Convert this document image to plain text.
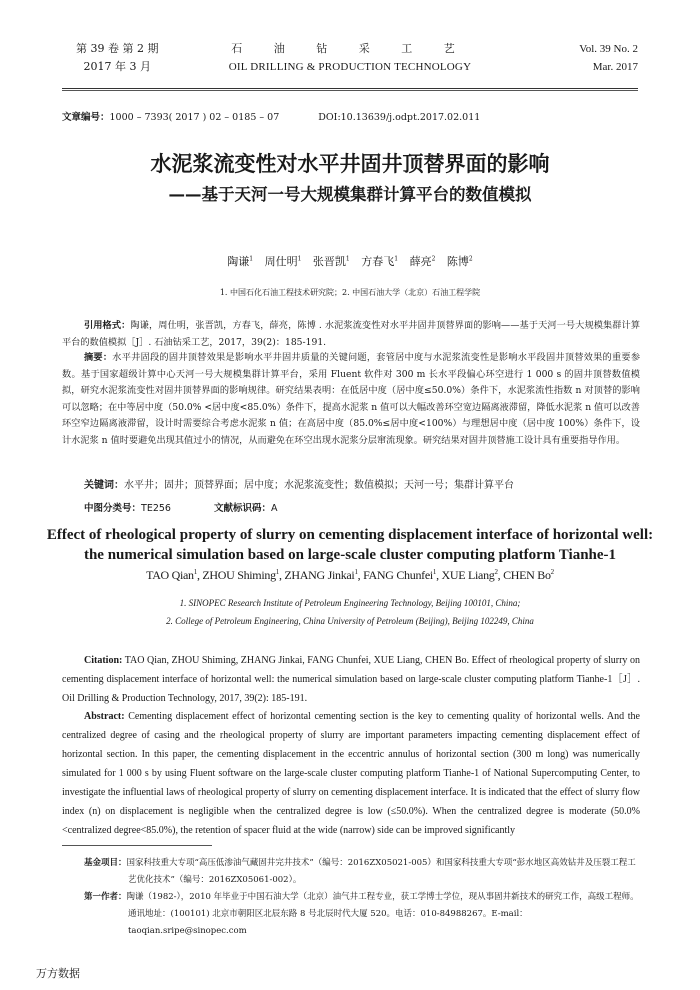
第 39 卷 第 2 期
2017 年 3 月
石 油 钻 采 工 艺
OIL DRILLING & PRODUCTION TECHNOLOGY
Vol. 39 No. 2
Mar. 2017
文章编号：1000 – 7393( 2017 ) 02 – 0185 – 07	DOI:10.13639/j.odpt.2017.02.011
水泥浆流变性对水平井固井顶替界面的影响
——基于天河一号大规模集群计算平台的数值模拟
陶谦$^1$ 周仕明$^1$ 张晋凯$^1$ 方春飞$^1$ 薛亮$^2$ 陈博$^2$
1. 中国石化石油工程技术研究院；2. 中国石油大学（北京）石油工程学院
引用格式：陶谦，周仕明，张晋凯，方春飞，薛亮，陈博 . 水泥浆流变性对水平井固井顶替界面的影响——基于天河一号大规模集群计算平台的数值模拟［J］. 石油钻采工艺，2017，39(2)：185-191.
摘要：水平井固段的固井顶替效果是影响水平井固井质量的关键问题，套管居中度与水泥浆流变性是影响水平段固井顶替效果的重要参数。基于国家超级计算中心天河一号大规模集群计算平台，采用 Fluent 软件对 300 m 长水平段偏心环空进行 1 000 s 的固井顶替数值模拟，研究水泥浆流变性对固井顶替界面的影响规律。研究结果表明：在低居中度（居中度≤50.0%）条件下，水泥浆流性指数 n 对顶替的影响可以忽略；在中等居中度（50.0% <居中度<85.0%）条件下，提高水泥浆 n 值可以大幅改善环空宽边隔离液滞留，降低水泥浆 n 值可以改善环空窄边隔离液滞留，设计时需要综合考虑水泥浆 n 值；在高居中度（85.0%≤居中度<100%）与理想居中度（居中度 100%）条件下，设计水泥浆 n 值时要避免出现其值过小的情况，从而避免在环空出现水泥浆分层窜流现象。研究结果对固井顶替施工设计具有重要指导作用。
关键词：水平井；固井；顶替界面；居中度；水泥浆流变性；数值模拟；天河一号；集群计算平台
中图分类号：TE256	文献标识码：A
Effect of rheological property of slurry on cementing displacement interface of horizontal well:
the numerical simulation based on large-scale cluster computing platform Tianhe-1
TAO Qian$^1$, ZHOU Shiming$^1$, ZHANG Jinkai$^1$, FANG Chunfei$^1$, XUE Liang$^2$, CHEN Bo$^2$
1. SINOPEC Research Institute of Petroleum Engineering Technology, Beijing 100101, China;
2. College of Petroleum Engineering, China University of Petroleum (Beijing), Beijing 102249, China
Citation: TAO Qian, ZHOU Shiming, ZHANG Jinkai, FANG Chunfei, XUE Liang, CHEN Bo. Effect of rheological property of slurry on cementing displacement interface of horizontal well: the numerical simulation based on large-scale cluster computing platform Tianhe-1［J］. Oil Drilling & Production Technology, 2017, 39(2): 185-191.
Abstract: Cementing displacement effect of horizontal cementing section is the key to cementing quality of horizontal wells. And the centralized degree of casing and the rheological property of slurry are important parameters impacting cementing displacement effect of horizontal section. In this paper, the cementing displacement in the eccentric annulus of horizontal section (300 m long) was numerically simulated for 1 000 s by using Fluent software on the large-scale cluster computing platform Tianhe-1 of National Supercomputing Center, to investigate the influential laws of rheological property of slurry on cementing displacement interface. It is indicated that the effect of slurry flow index (n) on displacement is negligible when the centralized degree is low (≤50.0%). When the centralized degree is moderate (50.0%<centralized degree<85.0%), the retention of spacer fluid at the wide (narrow) side can be improved significantly
基金项目：国家科技重大专项“高压低渗油气藏固井完井技术”（编号：2016ZX05021-005）和国家科技重大专项“彭水地区高效钻井及压裂工程工艺优化技术”（编号：2016ZX05061-002）。
第一作者：陶谦（1982-），2010 年毕业于中国石油大学（北京）油气井工程专业，获工学博士学位，现从事固井新技术的研究工作，高级工程师。通讯地址：(100101) 北京市朝阳区北辰东路 8 号北辰时代大厦 520。电话：010-84988267。E-mail：taoqian.sripe@sinopec.com
万方数据
